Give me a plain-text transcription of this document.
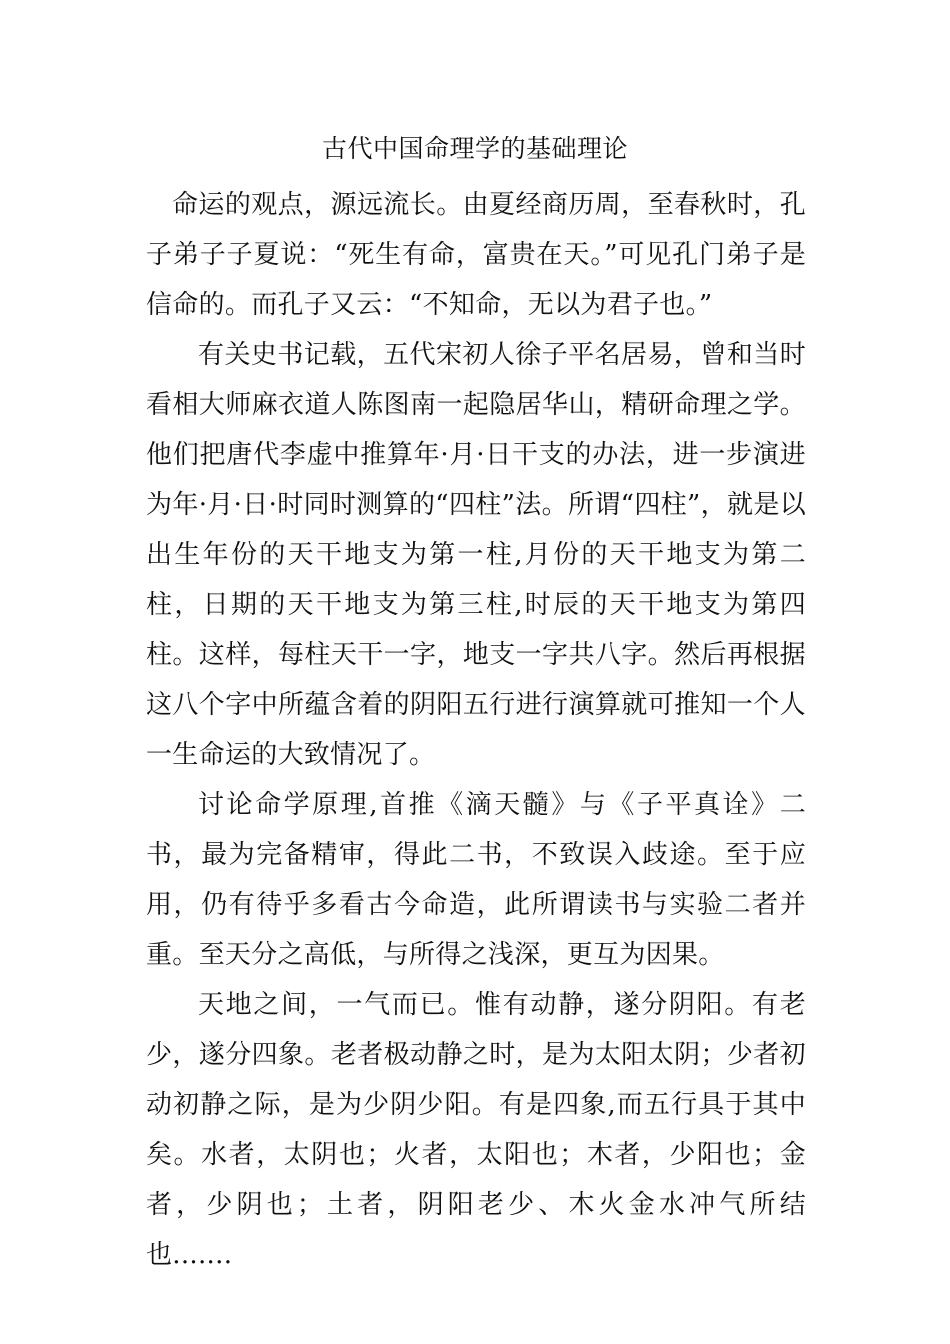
古代中国命理学的基础理论

命运的观点，源远流长。由夏经商历周，至春秋时，孔子弟子子夏说：“死生有命，富贵在天。”可见孔门弟子是信命的。而孔子又云：“不知命，无以为君子也。”

有关史书记载，五代宋初人徐子平名居易，曾和当时看相大师麻衣道人陈图南一起隐居华山，精研命理之学。他们把唐代李虚中推算年·月·日干支的办法，进一步演进为年·月·日·时同时测算的“四柱”法。所谓“四柱”，就是以出生年份的天干地支为第一柱,月份的天干地支为第二柱，日期的天干地支为第三柱,时辰的天干地支为第四柱。这样，每柱天干一字，地支一字共八字。然后再根据这八个字中所蕴含着的阴阳五行进行演算就可推知一个人一生命运的大致情况了。

讨论命学原理,首推《滴天髓》与《子平真诠》二书，最为完备精审，得此二书，不致误入歧途。至于应用，仍有待乎多看古今命造，此所谓读书与实验二者并重。至天分之高低，与所得之浅深，更互为因果。

天地之间，一气而已。惟有动静，遂分阴阳。有老少，遂分四象。老者极动静之时，是为太阳太阴；少者初动初静之际，是为少阴少阳。有是四象,而五行具于其中矣。水者，太阴也；火者，太阳也；木者，少阳也；金者，少阴也；土者，阴阳老少、木火金水冲气所结也.......
